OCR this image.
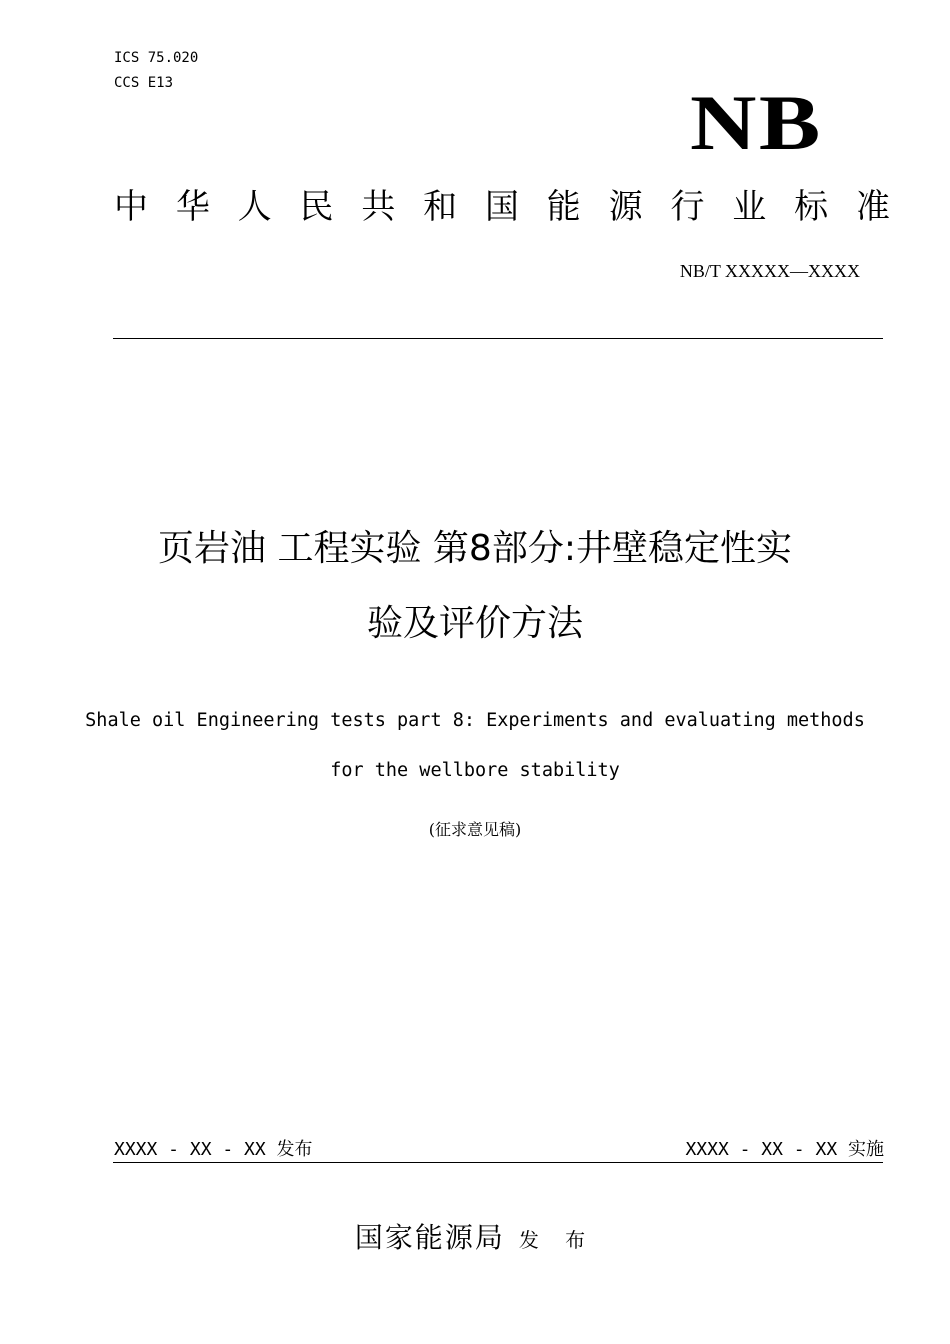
ICS 75.020
CCS E13	NB
中 华 人 民 共 和 国 能 源 行 业 标 准
NB/T XXXXX—XXXX
页岩油 工程实验 第8部分:井壁稳定性实
验及评价方法
Shale oil Engineering tests part 8: Experiments and evaluating methods
for the wellbore stability
(征求意见稿)
XXXX - XX - XX 发布	XXXX - XX - XX 实施
国家能源局 发 布
